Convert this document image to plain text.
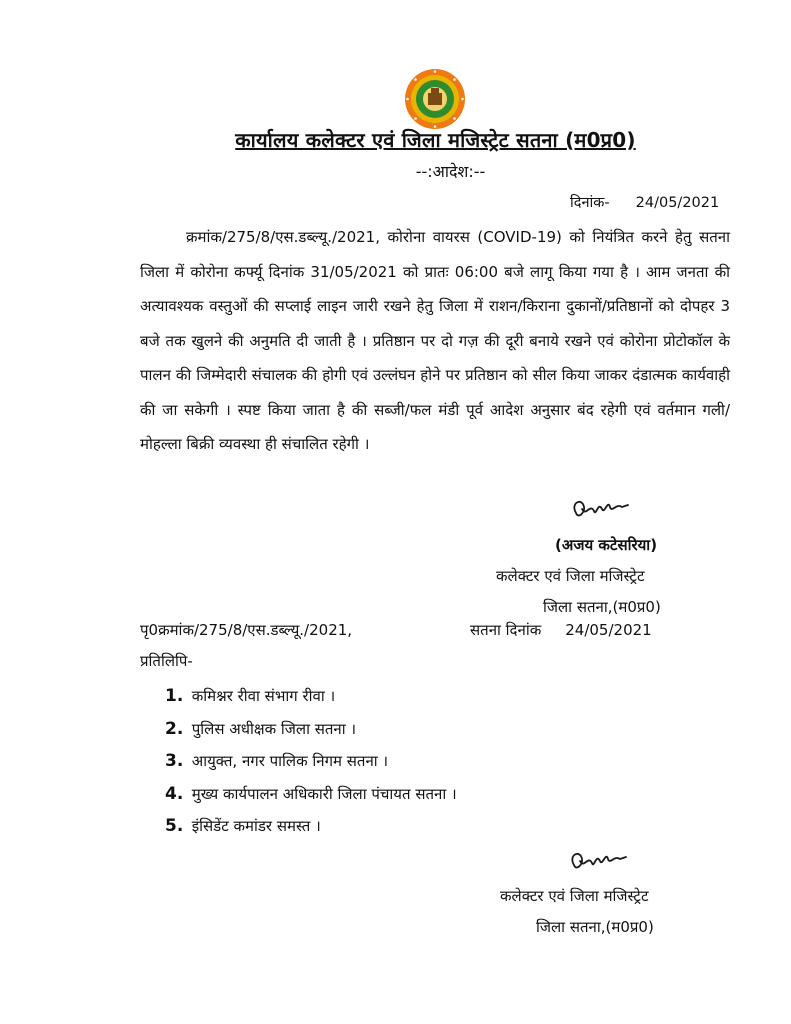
कार्यालय कलेक्टर एवं जिला मजिस्ट्रेट सतना (म0प्र0)
--:आदेश:--
दिनांक- 24/05/2021

क्रमांक/275/8/एस.डब्ल्यू./2021, कोरोना वायरस (COVID-19) को नियंत्रित करने हेतु सतना जिला में कोरोना कर्फ्यू दिनांक 31/05/2021 को प्रातः 06:00 बजे लागू किया गया है । आम जनता की अत्यावश्यक वस्तुओं की सप्लाई लाइन जारी रखने हेतु जिला में राशन/किराना दुकानों/प्रतिष्ठानों को दोपहर 3 बजे तक खुलने की अनुमति दी जाती है । प्रतिष्ठान पर दो गज़ की दूरी बनाये रखने एवं कोरोना प्रोटोकॉल के पालन की जिम्मेदारी संचालक की होगी एवं उल्लंघन होने पर प्रतिष्ठान को सील किया जाकर दंडात्मक कार्यवाही की जा सकेगी । स्पष्ट किया जाता है की सब्जी/फल मंडी पूर्व आदेश अनुसार बंद रहेगी एवं वर्तमान गली/मोहल्ला बिक्री व्यवस्था ही संचालित रहेगी ।

(अजय कटेसरिया)
कलेक्टर एवं जिला मजिस्ट्रेट
जिला सतना,(म0प्र0)
पृ0क्रमांक/275/8/एस.डब्ल्यू./2021,	सतना दिनांक 24/05/2021
प्रतिलिपि-
1. कमिश्नर रीवा संभाग रीवा ।
2. पुलिस अधीक्षक जिला सतना ।
3. आयुक्त, नगर पालिक निगम सतना ।
4. मुख्य कार्यपालन अधिकारी जिला पंचायत सतना ।
5. इंसिडेंट कमांडर समस्त ।
कलेक्टर एवं जिला मजिस्ट्रेट
जिला सतना,(म0प्र0)
